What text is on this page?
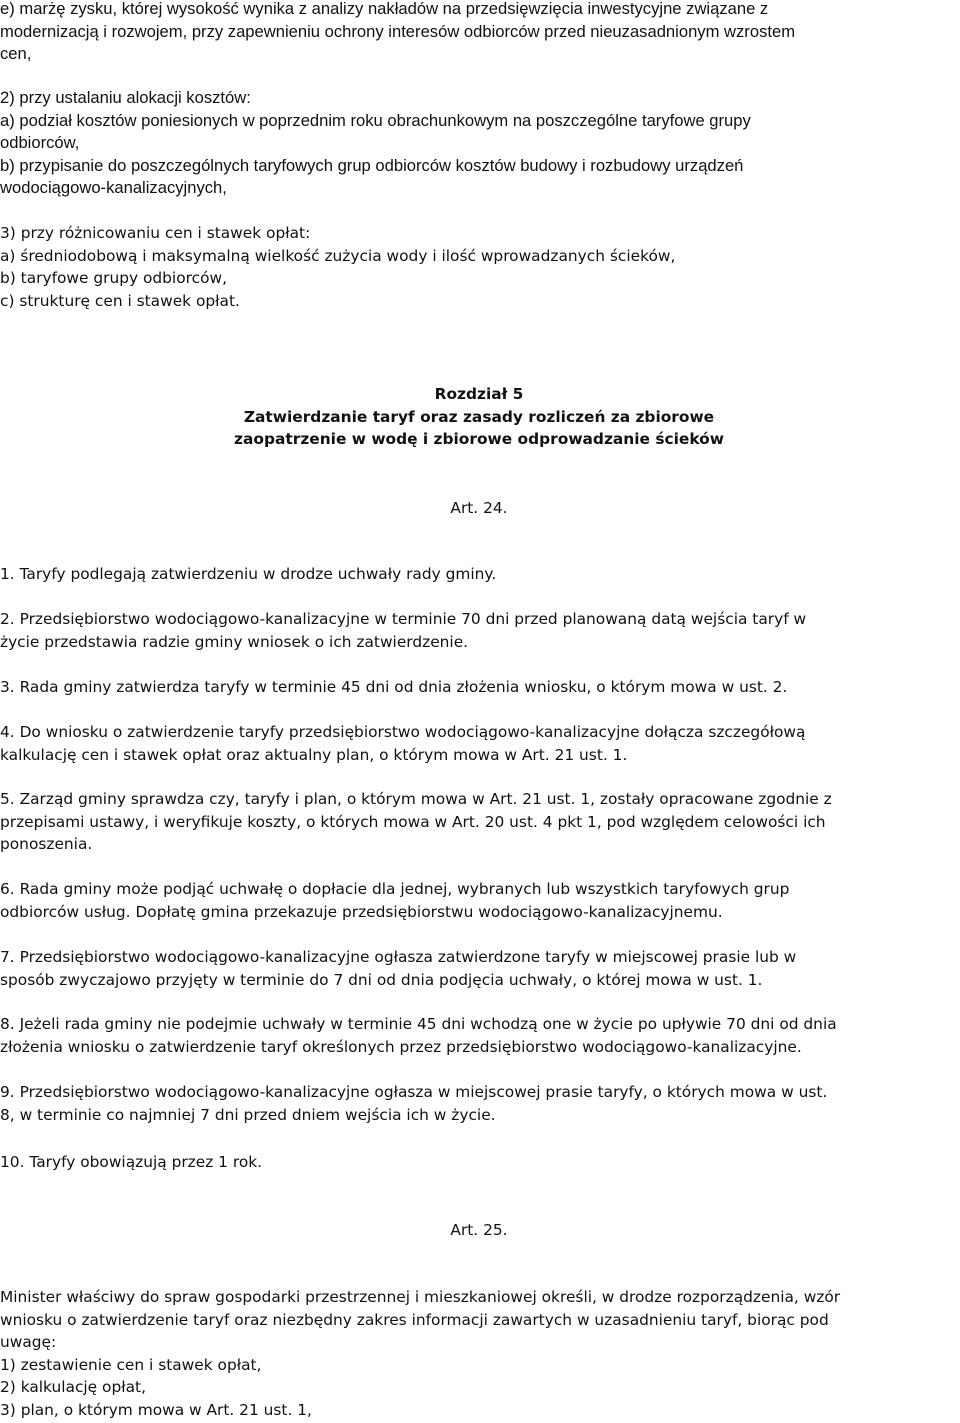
e) marżę zysku, której wysokość wynika z analizy nakładów na przedsięwzięcia inwestycyjne związane z
modernizacją i rozwojem, przy zapewnieniu ochrony interesów odbiorców przed nieuzasadnionym wzrostem
cen,

2) przy ustalaniu alokacji kosztów:
a) podział kosztów poniesionych w poprzednim roku obrachunkowym na poszczególne taryfowe grupy
odbiorców,
b) przypisanie do poszczególnych taryfowych grup odbiorców kosztów budowy i rozbudowy urządzeń
wodociągowo-kanalizacyjnych,

3) przy różnicowaniu cen i stawek opłat:
a) średniodobową i maksymalną wielkość zużycia wody i ilość wprowadzanych ścieków,
b) taryfowe grupy odbiorców,
c) strukturę cen i stawek opłat.

Rozdział 5
Zatwierdzanie taryf oraz zasady rozliczeń za zbiorowe
zaopatrzenie w wodę i zbiorowe odprowadzanie ścieków

Art. 24.

1. Taryfy podlegają zatwierdzeniu w drodze uchwały rady gminy.

2. Przedsiębiorstwo wodociągowo-kanalizacyjne w terminie 70 dni przed planowaną datą wejścia taryf w
życie przedstawia radzie gminy wniosek o ich zatwierdzenie.

3. Rada gminy zatwierdza taryfy w terminie 45 dni od dnia złożenia wniosku, o którym mowa w ust. 2.

4. Do wniosku o zatwierdzenie taryfy przedsiębiorstwo wodociągowo-kanalizacyjne dołącza szczegółową
kalkulację cen i stawek opłat oraz aktualny plan, o którym mowa w Art. 21 ust. 1.

5. Zarząd gminy sprawdza czy, taryfy i plan, o którym mowa w Art. 21 ust. 1, zostały opracowane zgodnie z
przepisami ustawy, i weryfikuje koszty, o których mowa w Art. 20 ust. 4 pkt 1, pod względem celowości ich
ponoszenia.

6. Rada gminy może podjąć uchwałę o dopłacie dla jednej, wybranych lub wszystkich taryfowych grup
odbiorców usług. Dopłatę gmina przekazuje przedsiębiorstwu wodociągowo-kanalizacyjnemu.

7. Przedsiębiorstwo wodociągowo-kanalizacyjne ogłasza zatwierdzone taryfy w miejscowej prasie lub w
sposób zwyczajowo przyjęty w terminie do 7 dni od dnia podjęcia uchwały, o której mowa w ust. 1.

8. Jeżeli rada gminy nie podejmie uchwały w terminie 45 dni wchodzą one w życie po upływie 70 dni od dnia
złożenia wniosku o zatwierdzenie taryf określonych przez przedsiębiorstwo wodociągowo-kanalizacyjne.

9. Przedsiębiorstwo wodociągowo-kanalizacyjne ogłasza w miejscowej prasie taryfy, o których mowa w ust.
8, w terminie co najmniej 7 dni przed dniem wejścia ich w życie.

10. Taryfy obowiązują przez 1 rok.

Art. 25.

Minister właściwy do spraw gospodarki przestrzennej i mieszkaniowej określi, w drodze rozporządzenia, wzór
wniosku o zatwierdzenie taryf oraz niezbędny zakres informacji zawartych w uzasadnieniu taryf, biorąc pod
uwagę:
1) zestawienie cen i stawek opłat,
2) kalkulację opłat,
3) plan, o którym mowa w Art. 21 ust. 1,
